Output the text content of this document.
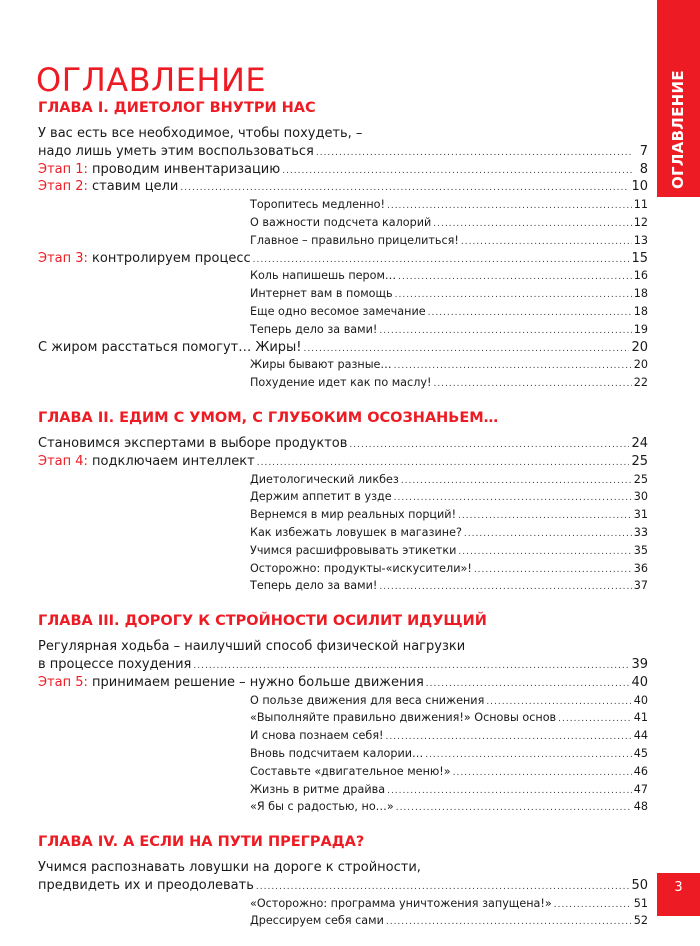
ОГЛАВЛЕНИЕ
ОГЛАВЛЕНИЕ
ГЛАВА I. ДИЕТОЛОГ ВНУТРИ НАС
У вас есть все необходимое, чтобы похудеть, –
надо лишь уметь этим воспользоваться .....	7
Этап 1: проводим инвентаризацию .....	8
Этап 2: ставим цели .....	10
Торопитесь медленно! .....	11
О важности подсчета калорий .....	12
Главное – правильно прицелиться! .....	13
Этап 3: контролируем процесс .....	15
Коль напишешь пером… .....	16
Интернет вам в помощь .....	18
Еще одно весомое замечание .....	18
Теперь дело за вами! .....	19
С жиром расстаться помогут… Жиры! .....	20
Жиры бывают разные… .....	20
Похудение идет как по маслу! .....	22
ГЛАВА II. ЕДИМ С УМОМ, С ГЛУБОКИМ ОСОЗНАНЬЕМ…
Становимся экспертами в выборе продуктов .....	24
Этап 4: подключаем интеллект .....	25
Диетологический ликбез .....	25
Держим аппетит в узде .....	30
Вернемся в мир реальных порций! .....	31
Как избежать ловушек в магазине? .....	33
Учимся расшифровывать этикетки .....	35
Осторожно: продукты-«искусители»! .....	36
Теперь дело за вами! .....	37
ГЛАВА III. ДОРОГУ К СТРОЙНОСТИ ОСИЛИТ ИДУЩИЙ
Регулярная ходьба – наилучший способ физической нагрузки
в процессе похудения .....	39
Этап 5: принимаем решение – нужно больше движения .....	40
О пользе движения для веса снижения .....	40
«Выполняйте правильно движения!» Основы основ .....	41
И снова познаем себя! .....	44
Вновь подсчитаем калории… .....	45
Составьте «двигательное меню!» .....	46
Жизнь в ритме драйва .....	47
«Я бы с радостью, но…» .....	48
ГЛАВА IV. А ЕСЛИ НА ПУТИ ПРЕГРАДА?
Учимся распознавать ловушки на дороге к стройности,
предвидеть их и преодолевать .....	50
«Осторожно: программа уничтожения запущена!» .....	51
Дрессируем себя сами .....	52
3
